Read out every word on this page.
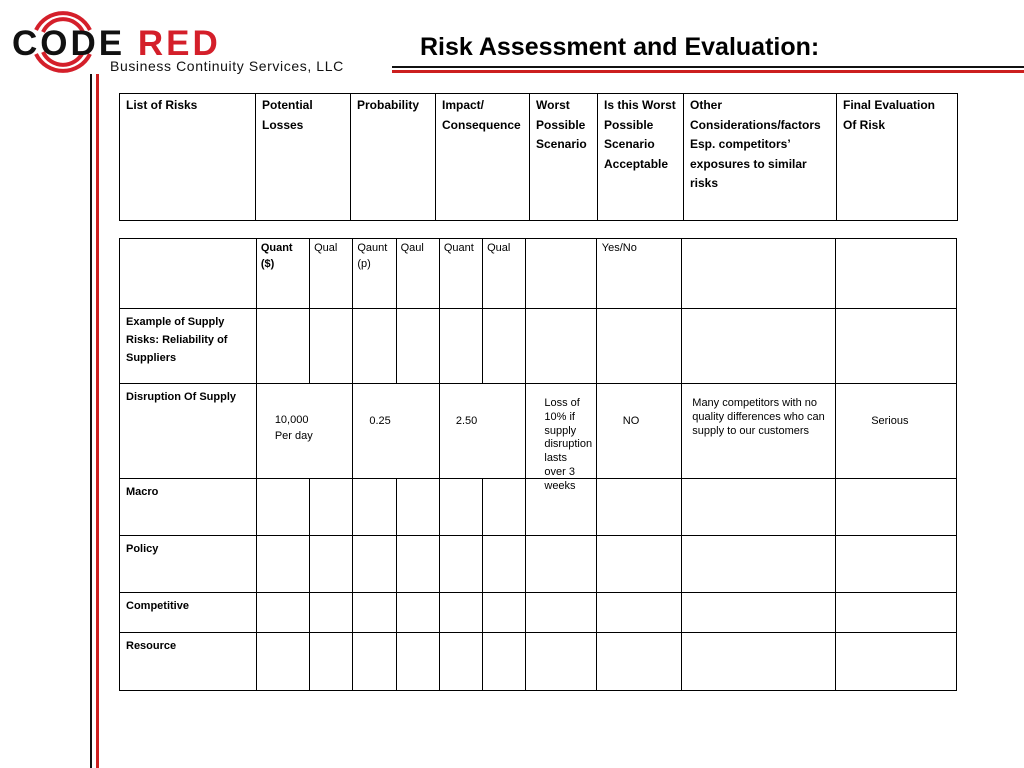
CODE RED
Business Continuity Services, LLC
Risk Assessment and Evaluation:
List of Risks	Potential Losses	Probability	Impact/ Consequence	Worst Possible Scenario	Is this Worst Possible Scenario Acceptable	Other Considerations/factors Esp. competitors’ exposures to similar risks	Final Evaluation Of Risk
	Quant ($)	Qual	Qaunt (p)	Qaul	Quant	Qual		Yes/No		
Example of Supply Risks: Reliability of Suppliers										
Disruption Of Supply	10,000 Per day		0.25		2.50		Loss of 10% if supply disruption lasts over 3 weeks	NO	Many competitors with no quality differences who can supply to our customers	Serious
Macro										
Policy										
Competitive										
Resource										
